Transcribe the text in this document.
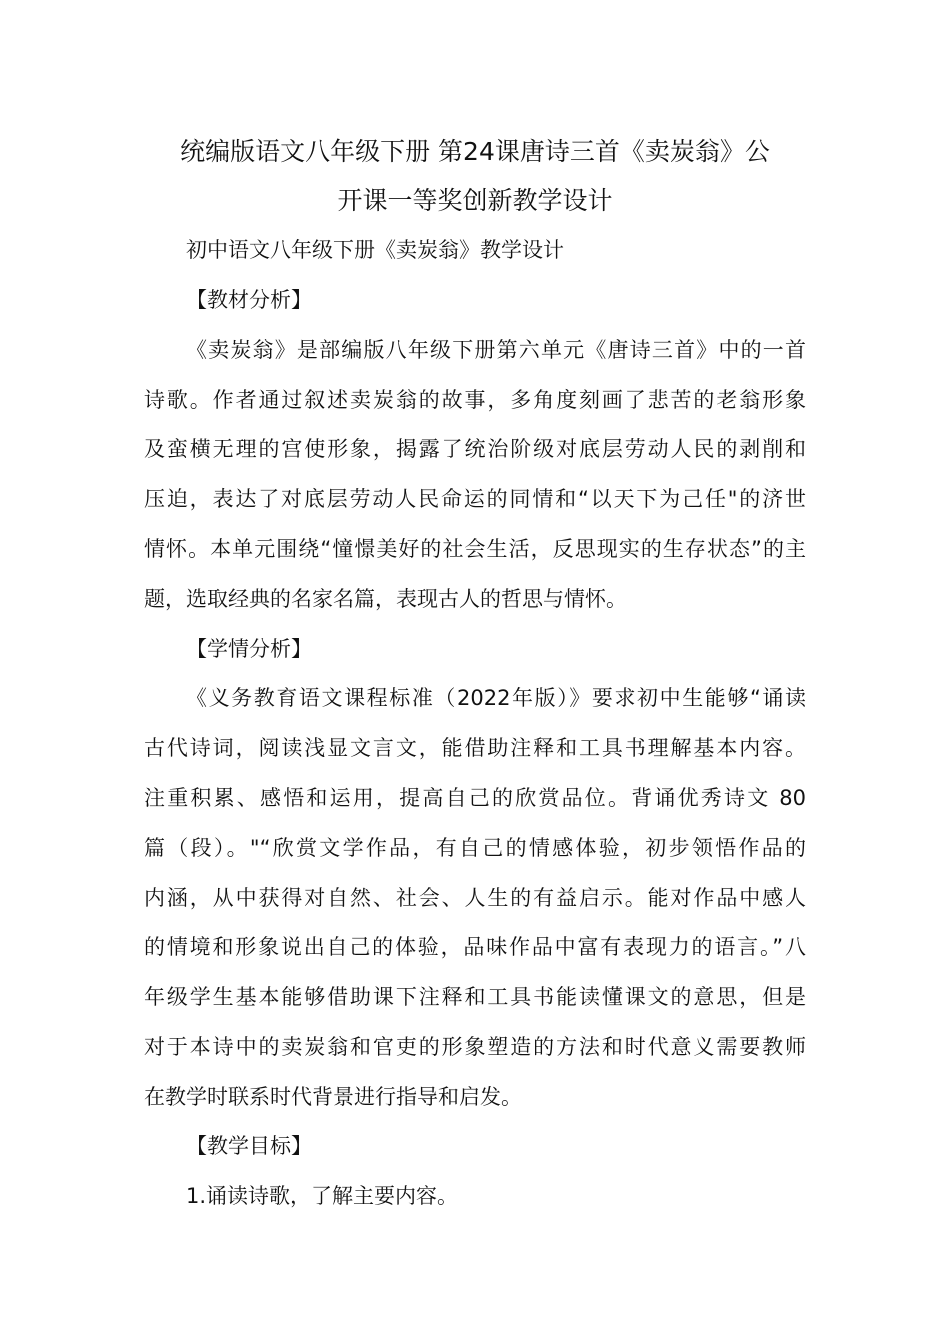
统编版语文八年级下册 第24课唐诗三首《卖炭翁》公
开课一等奖创新教学设计

初中语文八年级下册《卖炭翁》教学设计

【教材分析】

《卖炭翁》是部编版八年级下册第六单元《唐诗三首》中的一首

诗歌。作者通过叙述卖炭翁的故事，多角度刻画了悲苦的老翁形象

及蛮横无理的宫使形象，揭露了统治阶级对底层劳动人民的剥削和

压迫，表达了对底层劳动人民命运的同情和“以天下为己任"的济世

情怀。本单元围绕“憧憬美好的社会生活，反思现实的生存状态”的主

题，选取经典的名家名篇，表现古人的哲思与情怀。

【学情分析】

《义务教育语文课程标准（2022年版）》要求初中生能够“诵读

古代诗词，阅读浅显文言文，能借助注释和工具书理解基本内容。

注重积累、感悟和运用，提高自己的欣赏品位。背诵优秀诗文 80

篇（段）。"“欣赏文学作品，有自己的情感体验，初步领悟作品的

内涵，从中获得对自然、社会、人生的有益启示。能对作品中感人

的情境和形象说出自己的体验，品味作品中富有表现力的语言。”八

年级学生基本能够借助课下注释和工具书能读懂课文的意思，但是

对于本诗中的卖炭翁和官吏的形象塑造的方法和时代意义需要教师

在教学时联系时代背景进行指导和启发。

【教学目标】

1.诵读诗歌，了解主要内容。
